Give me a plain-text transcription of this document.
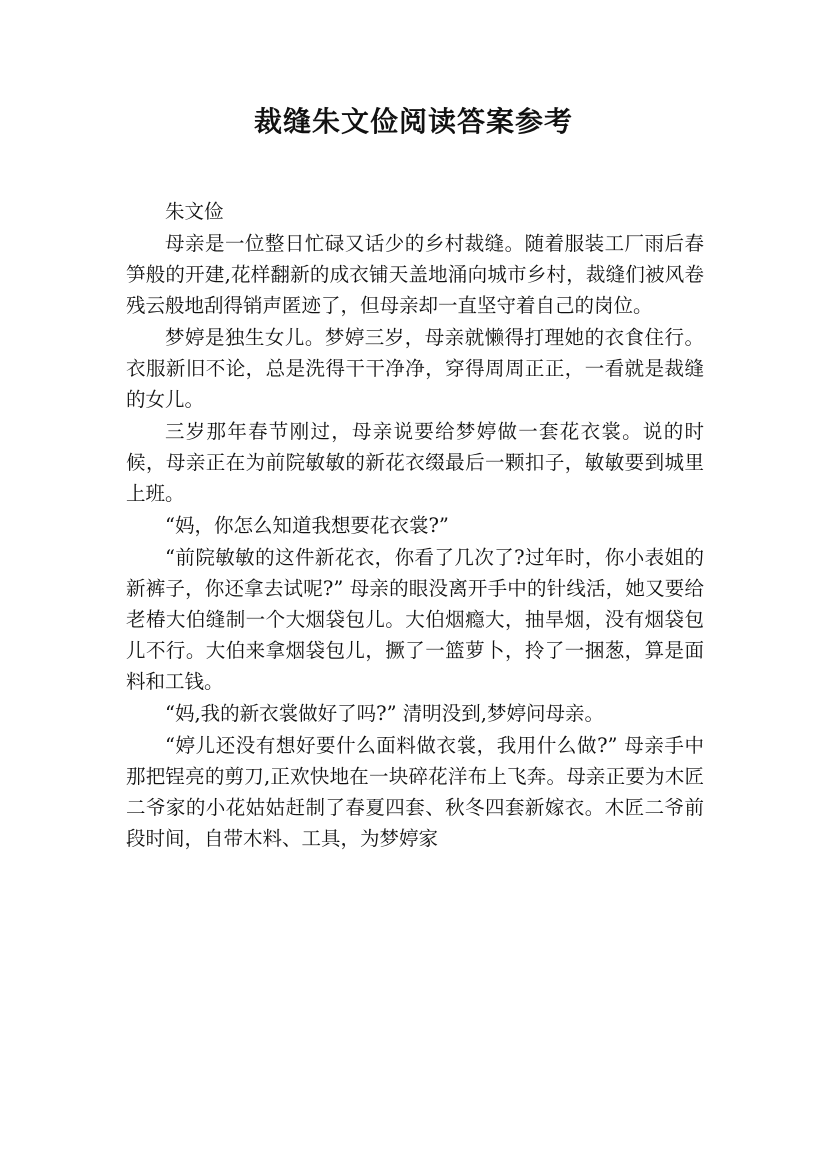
裁缝朱文俭阅读答案参考

朱文俭

母亲是一位整日忙碌又话少的乡村裁缝。随着服装工厂雨后春笋般的开建,花样翻新的成衣铺天盖地涌向城市乡村，裁缝们被风卷残云般地刮得销声匿迹了，但母亲却一直坚守着自己的岗位。

梦婷是独生女儿。梦婷三岁，母亲就懒得打理她的衣食住行。衣服新旧不论，总是洗得干干净净，穿得周周正正，一看就是裁缝的女儿。

三岁那年春节刚过，母亲说要给梦婷做一套花衣裳。说的时候，母亲正在为前院敏敏的新花衣缀最后一颗扣子，敏敏要到城里上班。

“妈，你怎么知道我想要花衣裳?”

“前院敏敏的这件新花衣，你看了几次了?过年时，你小表姐的新裤子，你还拿去试呢?” 母亲的眼没离开手中的针线活，她又要给老椿大伯缝制一个大烟袋包儿。大伯烟瘾大，抽旱烟，没有烟袋包儿不行。大伯来拿烟袋包儿，撅了一篮萝卜，拎了一捆葱，算是面料和工钱。

“妈,我的新衣裳做好了吗?” 清明没到,梦婷问母亲。

“婷儿还没有想好要什么面料做衣裳，我用什么做?” 母亲手中那把锃亮的剪刀,正欢快地在一块碎花洋布上飞奔。母亲正要为木匠二爷家的小花姑姑赶制了春夏四套、秋冬四套新嫁衣。木匠二爷前段时间，自带木料、工具，为梦婷家
